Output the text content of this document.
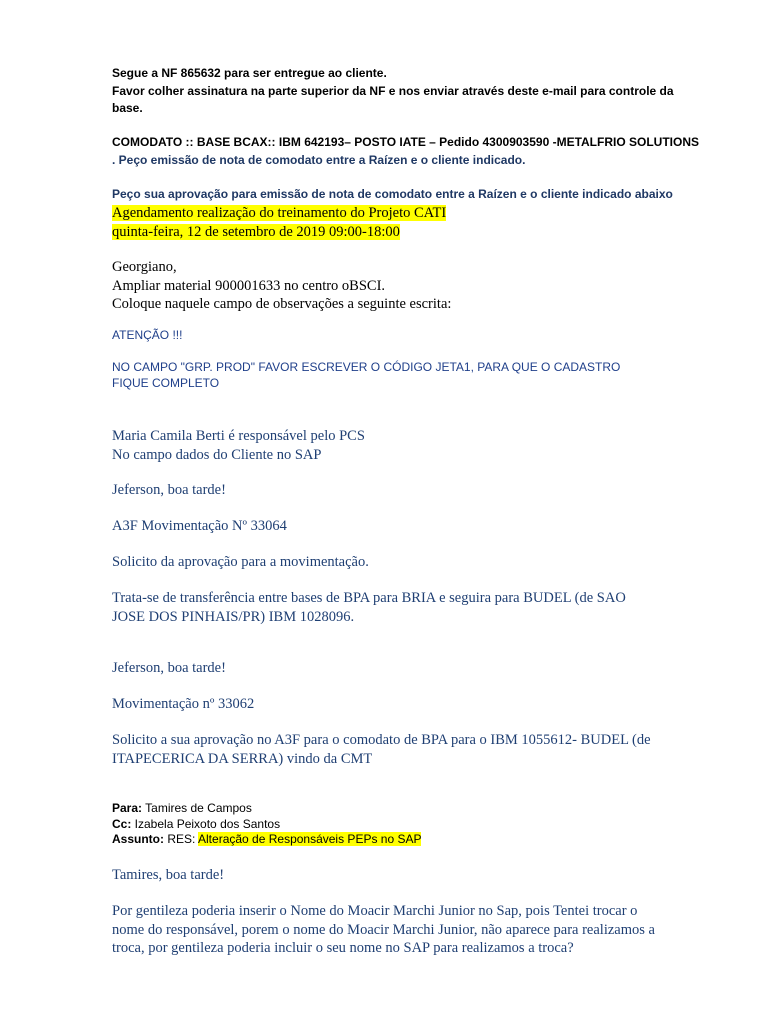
Segue a NF 865632 para ser entregue ao cliente.
Favor colher assinatura na parte superior da NF e nos enviar através deste e-mail para controle da
base.
COMODATO :: BASE BCAX:: IBM 642193– POSTO IATE – Pedido 4300903590 -METALFRIO SOLUTIONS
. Peço emissão de nota de comodato entre a Raízen e o cliente indicado.
Peço sua aprovação para emissão de nota de comodato entre a Raízen e o cliente indicado abaixo
Agendamento realização do treinamento do Projeto CATI
quinta-feira, 12 de setembro de 2019 09:00-18:00
Georgiano,
Ampliar material 900001633 no centro oBSCI.
Coloque naquele campo de observações a seguinte escrita:
ATENÇÃO !!!
NO CAMPO "GRP. PROD" FAVOR ESCREVER O CÓDIGO JETA1, PARA QUE O CADASTRO
FIQUE COMPLETO
Maria Camila Berti é responsável pelo PCS
No campo dados do Cliente no SAP
Jeferson, boa tarde!
A3F Movimentação Nº 33064
Solicito da aprovação para a movimentação.
Trata-se de transferência entre bases de BPA para BRIA e seguira para BUDEL (de SAO
JOSE DOS PINHAIS/PR) IBM 1028096.
Jeferson, boa tarde!
Movimentação nº 33062
Solicito a sua aprovação no A3F para o comodato de BPA para o IBM 1055612- BUDEL (de
ITAPECERICA DA SERRA) vindo da CMT
Para: Tamires de Campos
Cc: Izabela Peixoto dos Santos
Assunto: RES: Alteração de Responsáveis PEPs no SAP
Tamires, boa tarde!
Por gentileza poderia inserir o Nome do Moacir Marchi Junior no Sap, pois Tentei trocar o
nome do responsável, porem o nome do Moacir Marchi Junior, não aparece para realizamos a
troca, por gentileza poderia incluir o seu nome no SAP para realizamos a troca?
